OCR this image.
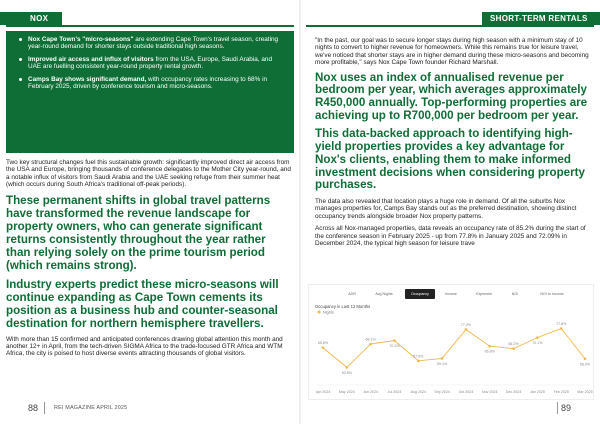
NOX
Nox Cape Town's "micro-seasons" are extending Cape Town's travel season, creating year-round demand for shorter stays outside traditional high seasons.
Improved air access and influx of visitors from the USA, Europe, Saudi Arabia, and UAE are fuelling consistent year-round property rental growth.
Camps Bay shows significant demand, with occupancy rates increasing to 68% in February 2025, driven by conference tourism and micro-seasons.

Two key structural changes fuel this sustainable growth: significantly improved direct air access from the USA and Europe, bringing thousands of conference delegates to the Mother City year-round, and a notable influx of visitors from Saudi Arabia and the UAE seeking refuge from their summer heat (which occurs during South Africa's traditional off-peak periods).

These permanent shifts in global travel patterns have transformed the revenue landscape for property owners, who can generate significant returns consistently throughout the year rather than relying solely on the prime tourism period (which remains strong).
Industry experts predict these micro-seasons will continue expanding as Cape Town cements its position as a business hub and counter-seasonal destination for northern hemisphere travellers.

With more than 15 confirmed and anticipated conferences drawing global attention this month and another 12+ in April, from the tech-driven SIGMA Africa to the trade-focused GTR Africa and WTM Africa, the city is poised to host diverse events attracting thousands of global visitors.

SHORT-TERM RENTALS

"In the past, our goal was to secure longer stays during high season with a minimum stay of 10 nights to convert to higher revenue for homeowners. While this remains true for leisure travel, we've noticed that shorter stays are in higher demand during these micro-seasons and becoming more profitable," says Nox Cape Town founder Richard Marshall.

Nox uses an index of annualised revenue per bedroom per year, which averages approximately R450,000 annually. Top-performing properties are achieving up to R700,000 per bedroom per year.
This data-backed approach to identifying high-yield properties provides a key advantage for Nox's clients, enabling them to make informed investment decisions when considering property purchases.

The data also revealed that location plays a huge role in demand. Of all the suburbs Nox manages properties for, Camps Bay stands out as the preferred destination, showing distinct occupancy trends alongside broader Nox property patterns.

Across all Nox-managed properties, data reveals an occupancy rate of 85.2% during the start of the conference season in February 2025 - up from 77.8% in January 2025 and 72.09% in December 2024, the typical high season for leisure trave

ADR	Avg Nights	Occupancy	Income	Expenses	NOI	NOI to Income
Occupancy in Last 12 Months
Nights
65.8%
Apr 2024
53.5%
May 2024
68.1%
Jun 2024
70.3%
Jul 2024
57.6%
Aug 2024
59.1%
Sep 2024
77.2%
Oct 2024
66.8%
Nov 2024
65.2%
Dec 2024
72.1%
Jan 2025
77.8%
Feb 2025
58.9%
Mar 2025
88	REI MAGAZINE APRIL 2025	89
